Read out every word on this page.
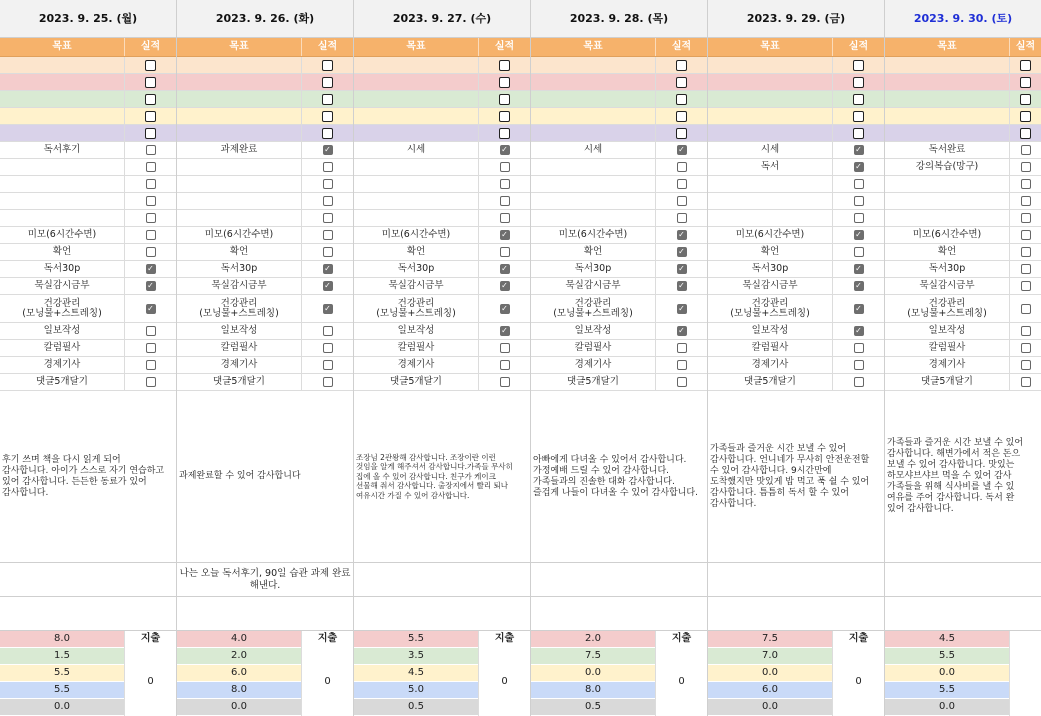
2023. 9. 25. (월)
목표	실적
독서후기
미모(6시간수면)
확언
독서30p	✓
묵실감시금부	✓
건강관리
(모닝물+스트레칭)	✓
일보작성
칼럼필사
경제기사
댓글5개달기
후기 쓰며 책을 다시 읽게 되어
감사합니다. 아이가 스스로 자기 연습하고
있어 감사합니다. 든든한 동료가 있어
감사합니다.
8.0
1.5
5.5
5.5
0.0
지출
0
2023. 9. 26. (화)
목표	실적
과제완료	✓
미모(6시간수면)
확언
독서30p	✓
묵실감시금부	✓
건강관리
(모닝물+스트레칭)	✓
일보작성
칼럼필사
경제기사
댓글5개달기
과제완료할 수 있어 감사합니다
나는 오늘 독서후기, 90일 습관 과제 완료
해낸다.
4.0
2.0
6.0
8.0
0.0
지출
0
2023. 9. 27. (수)
목표	실적
시세	✓
미모(6시간수면)	✓
확언
독서30p	✓
묵실감시금부	✓
건강관리
(모닝물+스트레칭)	✓
일보작성	✓
칼럼필사
경제기사
댓글5개달기
조장님 2관왕해 감사합니다. 조장이란 이런
것임을 알게 해주셔서 감사합니다.가족들 무사히
집에 올 수 있어 감사합니다. 친구가 케이크
선물해 줘서 감사합니다. 출장지에서 빨리 퇴나
여유시간 가질 수 있어 감사합니다.
5.5
3.5
4.5
5.0
0.5
지출
0
2023. 9. 28. (목)
목표	실적
시세	✓
미모(6시간수면)	✓
확언	✓
독서30p	✓
묵실감시금부	✓
건강관리
(모닝물+스트레칭)	✓
일보작성	✓
칼럼필사
경제기사
댓글5개달기
아빠에게 다녀올 수 있어서 감사합니다.
가정예배 드릴 수 있어 감사합니다.
가족들과의 진솔한 대화 감사합니다.
즐겁게 나들이 다녀올 수 있어 감사합니다.
2.0
7.5
0.0
8.0
0.5
지출
0
2023. 9. 29. (금)
목표	실적
시세	✓
독서	✓
미모(6시간수면)	✓
확언
독서30p	✓
묵실감시금부	✓
건강관리
(모닝물+스트레칭)	✓
일보작성	✓
칼럼필사
경제기사
댓글5개달기
가족들과 즐거운 시간 보낼 수 있어
감사합니다. 언니네가 무사히 안전운전할
수 있어 감사합니다. 9시간만에
도착했지만 맛있게 밥 먹고 푹 쉴 수 있어
감사합니다. 틈틈히 독서 할 수 있어
감사합니다.
7.5
7.0
0.0
6.0
0.0
지출
0
2023. 9. 30. (토)
목표	실적
독서완료
강의복습(망구)
미모(6시간수면)
확언
독서30p
묵실감시금부
건강관리
(모닝물+스트레칭)
일보작성
칼럼필사
경제기사
댓글5개달기
가족들과 즐거운 시간 보낼 수 있어
감사합니다. 해변가에서 적은 돈으
보낼 수 있어 감사합니다. 맛있는
하모샤브샤브 먹을 수 있어 감사
가족들을 위해 식사비를 낼 수 있
여유를 주어 감사합니다. 독서 완
있어 감사합니다.
4.5
5.5
0.0
5.5
0.0
